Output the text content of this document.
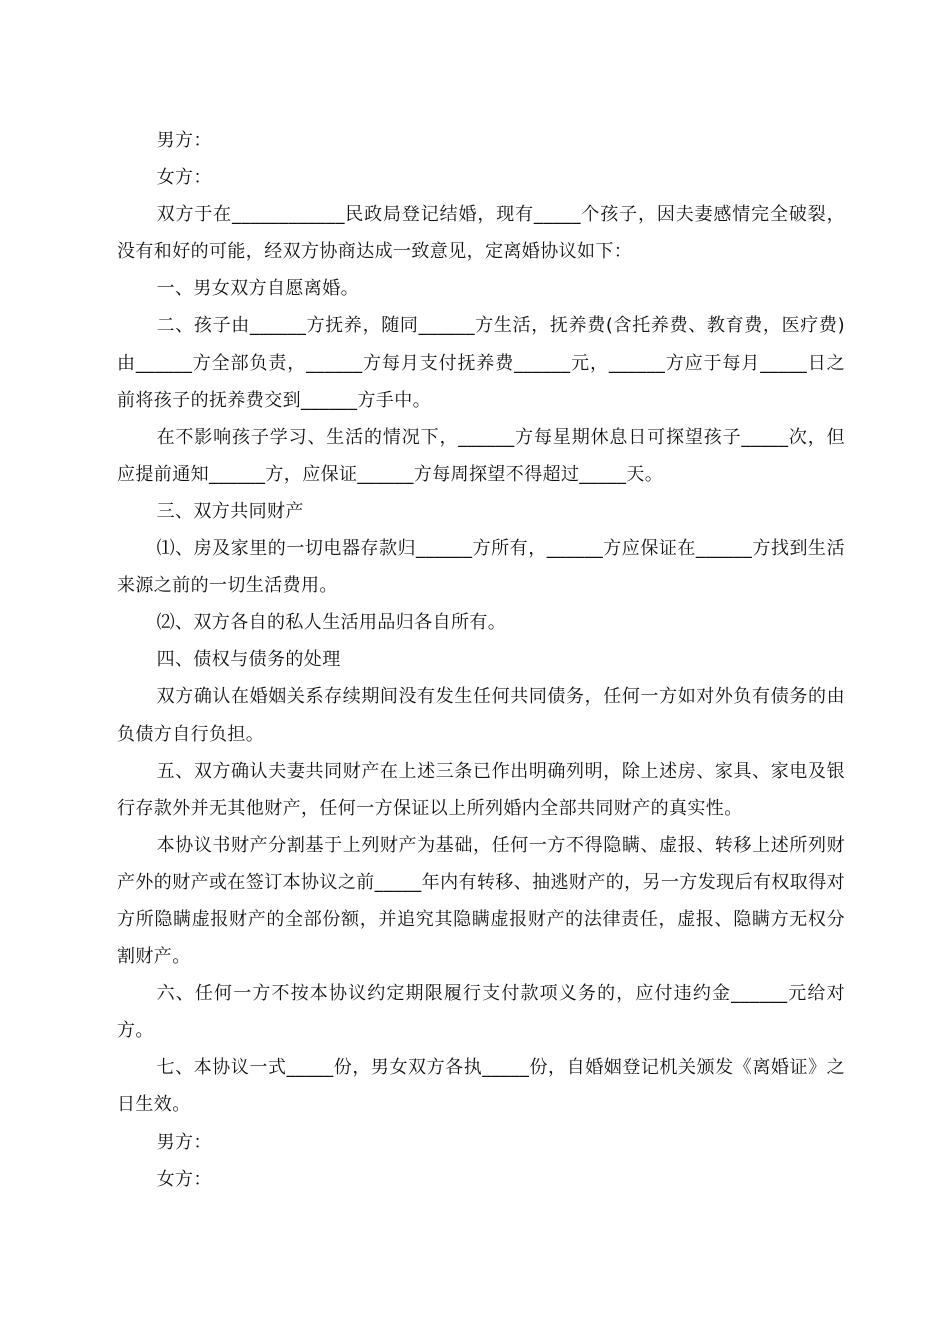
男方：

女方：

双方于在____________民政局登记结婚，现有_____个孩子，因夫妻感情完全破裂，没有和好的可能，经双方协商达成一致意见，定离婚协议如下：

一、男女双方自愿离婚。

二、孩子由______方抚养，随同______方生活，抚养费(含托养费、教育费，医疗费)由______方全部负责，______方每月支付抚养费______元，______方应于每月_____日之前将孩子的抚养费交到______方手中。

在不影响孩子学习、生活的情况下，______方每星期休息日可探望孩子_____次，但应提前通知______方，应保证______方每周探望不得超过_____天。

三、双方共同财产

⑴、房及家里的一切电器存款归______方所有，______方应保证在______方找到生活来源之前的一切生活费用。

⑵、双方各自的私人生活用品归各自所有。

四、债权与债务的处理

双方确认在婚姻关系存续期间没有发生任何共同债务，任何一方如对外负有债务的由负债方自行负担。

五、双方确认夫妻共同财产在上述三条已作出明确列明，除上述房、家具、家电及银行存款外并无其他财产，任何一方保证以上所列婚内全部共同财产的真实性。

本协议书财产分割基于上列财产为基础，任何一方不得隐瞒、虚报、转移上述所列财产外的财产或在签订本协议之前_____年内有转移、抽逃财产的，另一方发现后有权取得对方所隐瞒虚报财产的全部份额，并追究其隐瞒虚报财产的法律责任，虚报、隐瞒方无权分割财产。

六、任何一方不按本协议约定期限履行支付款项义务的，应付违约金______元给对方。

七、本协议一式_____份，男女双方各执_____份，自婚姻登记机关颁发《离婚证》之日生效。

男方：

女方：
